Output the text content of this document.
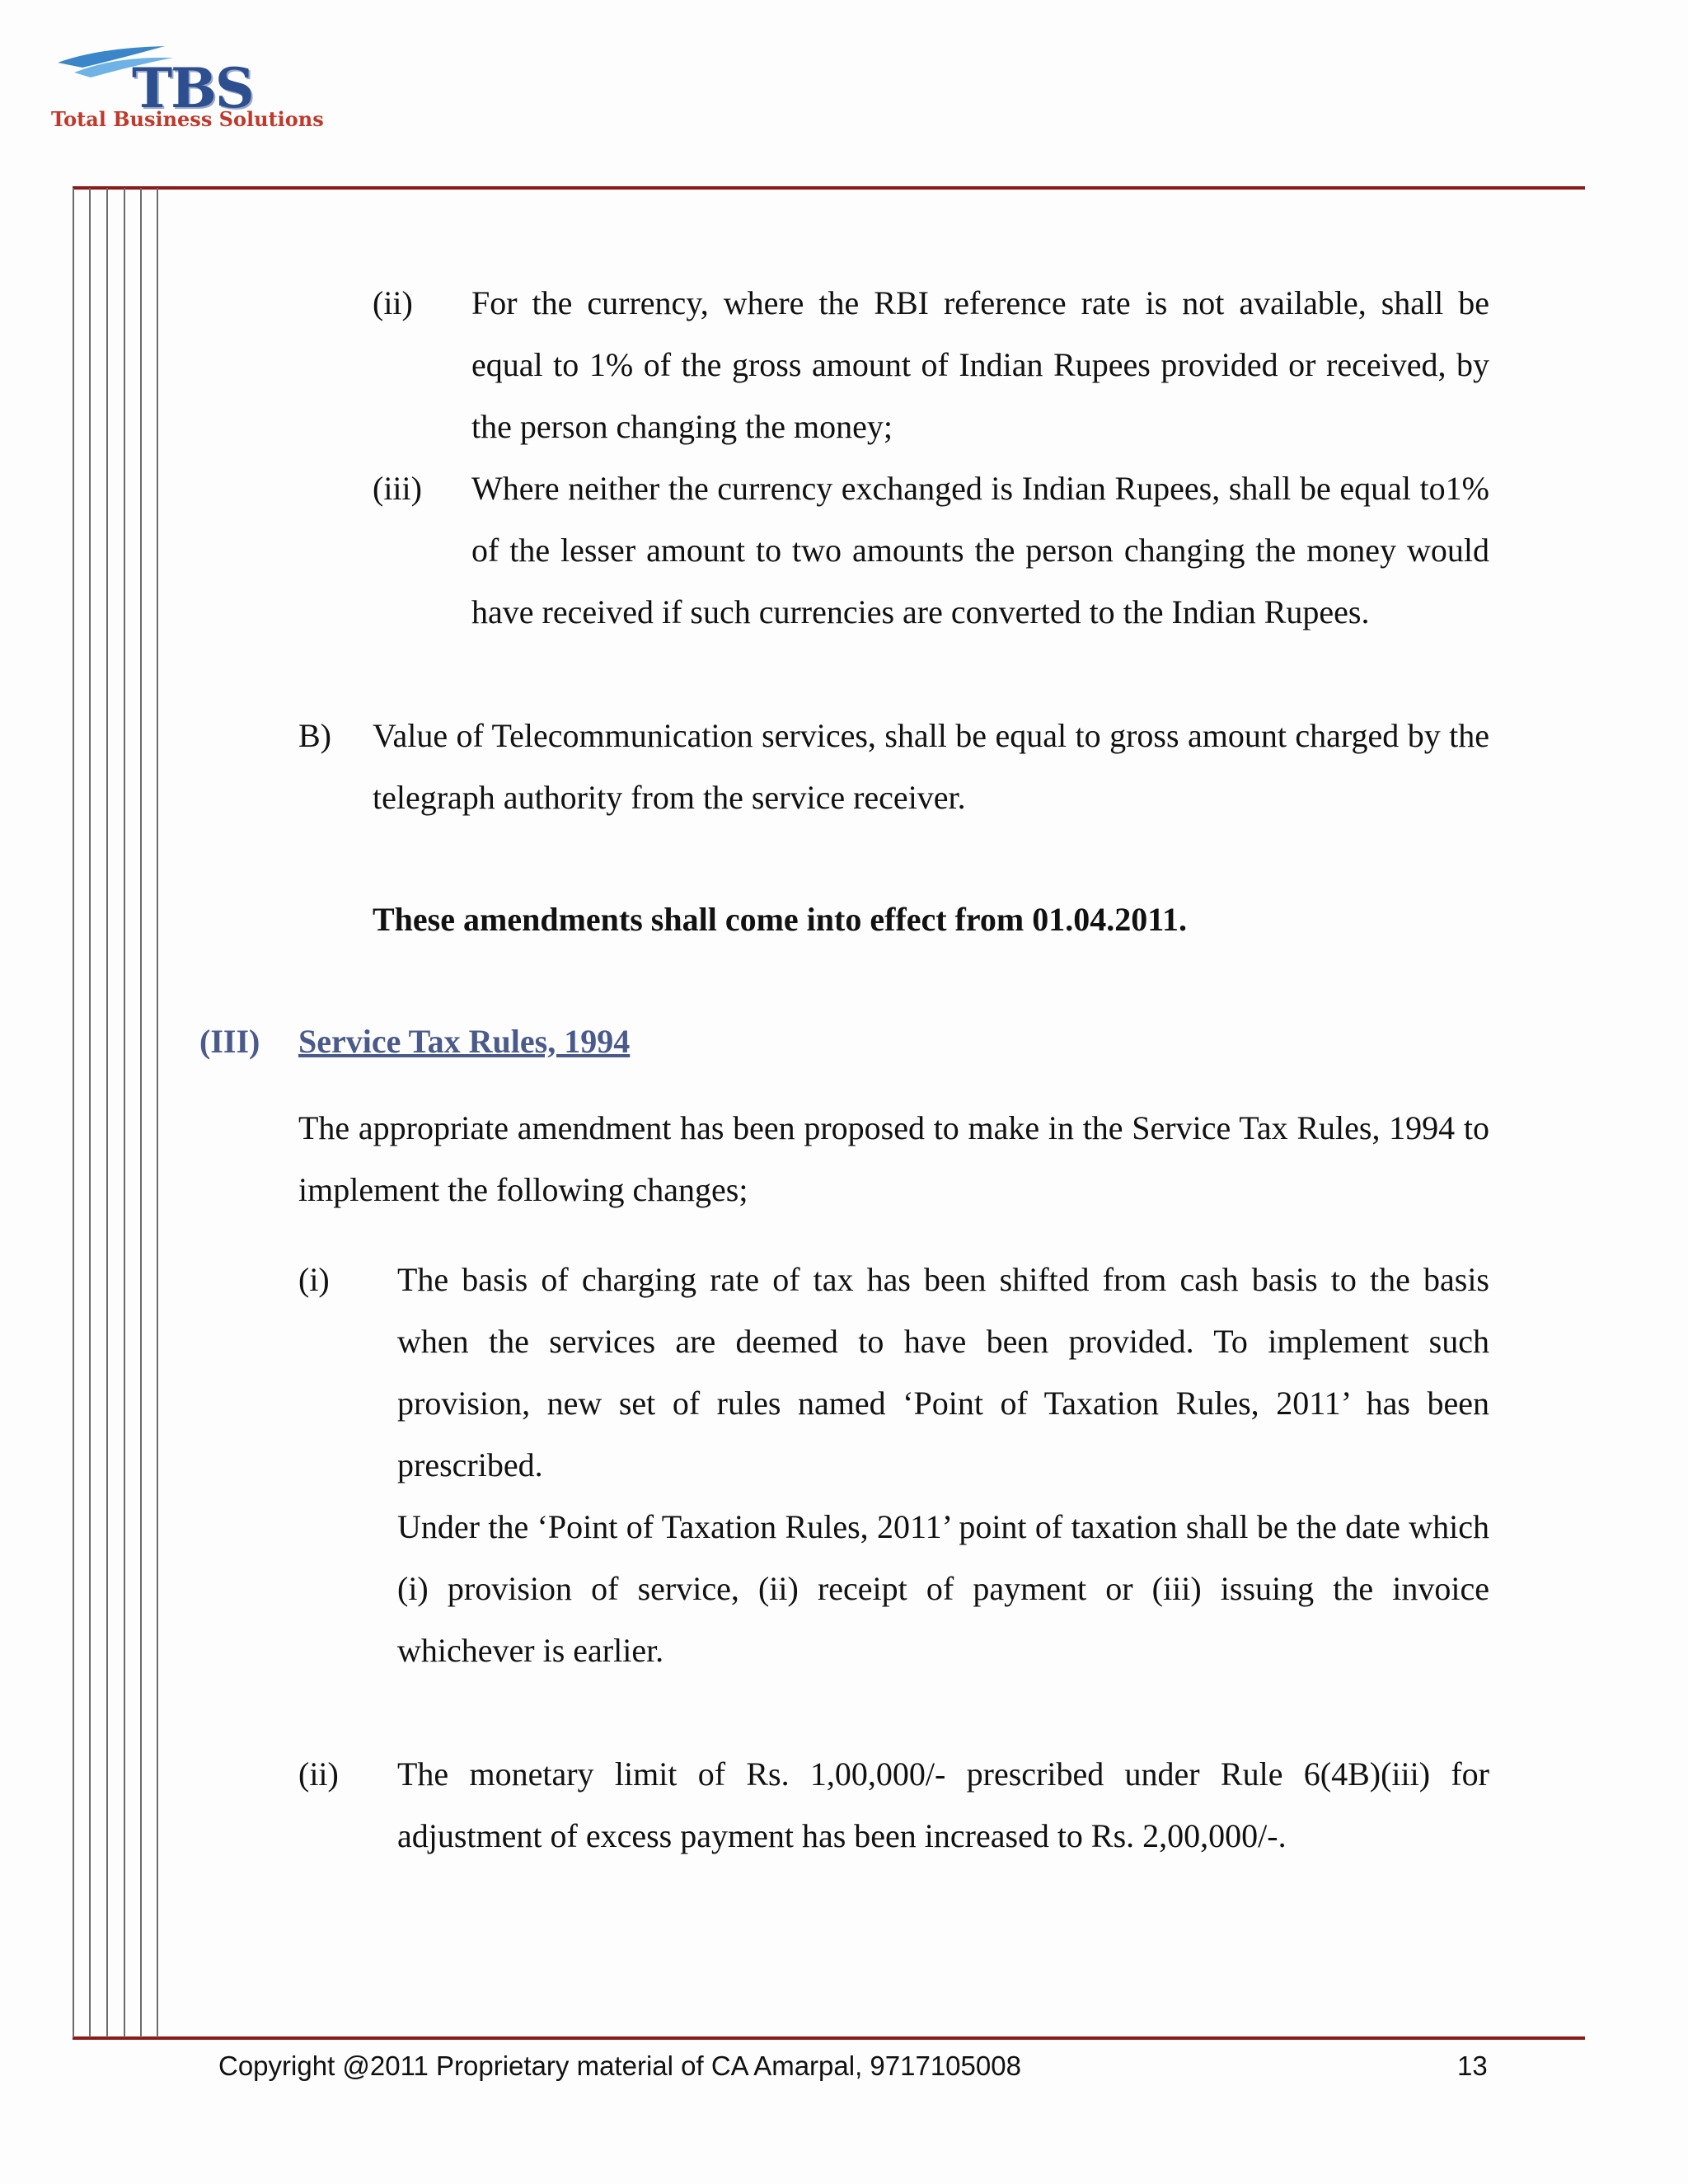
TBS
Total Business Solutions
(ii) For the currency, where the RBI reference rate is not available, shall be equal to 1% of the gross amount of Indian Rupees provided or received, by the person changing the money;
(iii) Where neither the currency exchanged is Indian Rupees, shall be equal to1% of the lesser amount to two amounts the person changing the money would have received if such currencies are converted to the Indian Rupees.
B) Value of Telecommunication services, shall be equal to gross amount charged by the telegraph authority from the service receiver.
These amendments shall come into effect from 01.04.2011.
(III) Service Tax Rules, 1994
The appropriate amendment has been proposed to make in the Service Tax Rules, 1994 to implement the following changes;
(i) The basis of charging rate of tax has been shifted from cash basis to the basis when the services are deemed to have been provided. To implement such provision, new set of rules named ‘Point of Taxation Rules, 2011’ has been prescribed.
Under the ‘Point of Taxation Rules, 2011’ point of taxation shall be the date which (i) provision of service, (ii) receipt of payment or (iii) issuing the invoice whichever is earlier.
(ii) The monetary limit of Rs. 1,00,000/- prescribed under Rule 6(4B)(iii) for adjustment of excess payment has been increased to Rs. 2,00,000/-.
Copyright @2011 Proprietary material of CA Amarpal, 9717105008	13
